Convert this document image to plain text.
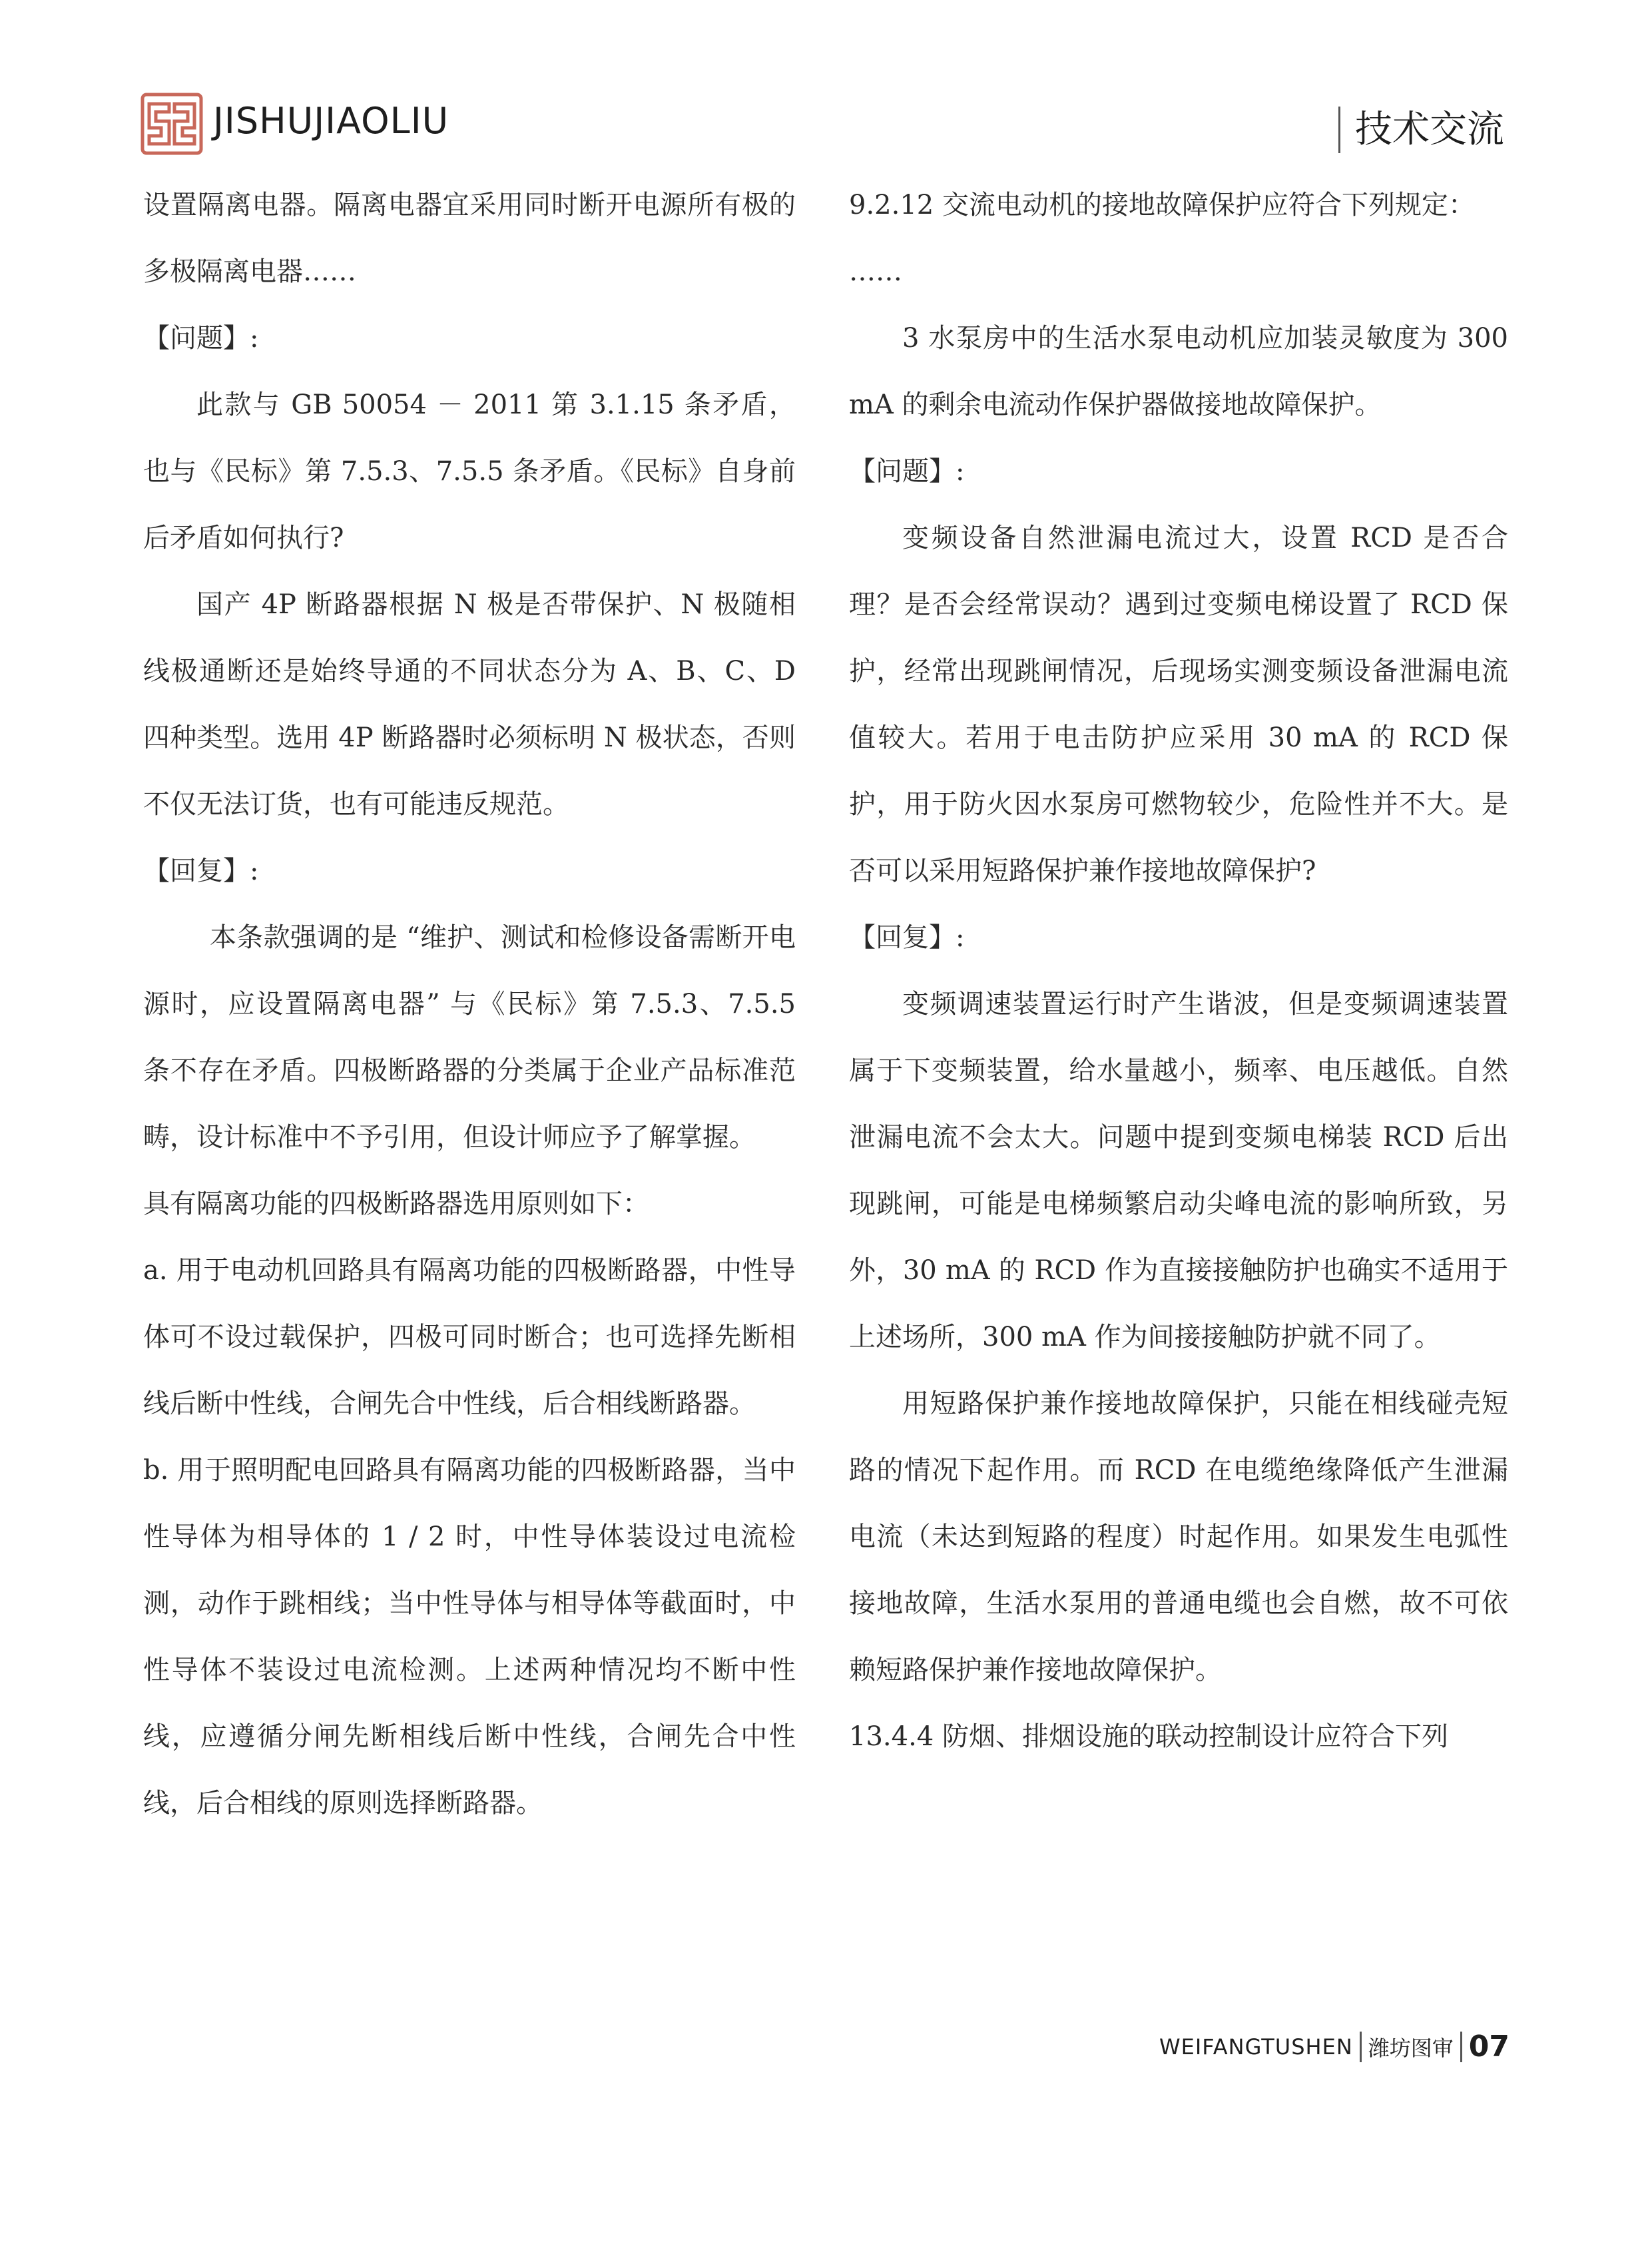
JISHUJIAOLIU	技术交流

设置隔离电器。隔离电器宜采用同时断开电源所有极的多极隔离电器……

【问题】:

此款与 GB 50054 － 2011 第 3.1.15 条矛盾，也与《民标》第 7.5.3、7.5.5 条矛盾。《民标》自身前后矛盾如何执行?

国产 4P 断路器根据 N 极是否带保护、N 极随相线极通断还是始终导通的不同状态分为 A、B、C、D 四种类型。选用 4P 断路器时必须标明 N 极状态，否则不仅无法订货，也有可能违反规范。

【回复】:

本条款强调的是 “维护、测试和检修设备需断开电源时，应设置隔离电器” 与《民标》第 7.5.3、7.5.5 条不存在矛盾。四极断路器的分类属于企业产品标准范畴，设计标准中不予引用，但设计师应予了解掌握。

具有隔离功能的四极断路器选用原则如下：

a. 用于电动机回路具有隔离功能的四极断路器，中性导体可不设过载保护，四极可同时断合；也可选择先断相线后断中性线，合闸先合中性线，后合相线断路器。

b. 用于照明配电回路具有隔离功能的四极断路器，当中性导体为相导体的 1 / 2 时，中性导体装设过电流检测，动作于跳相线；当中性导体与相导体等截面时，中性导体不装设过电流检测。上述两种情况均不断中性线，应遵循分闸先断相线后断中性线，合闸先合中性线，后合相线的原则选择断路器。

9.2.12 交流电动机的接地故障保护应符合下列规定：

……

3 水泵房中的生活水泵电动机应加装灵敏度为 300 mA 的剩余电流动作保护器做接地故障保护。

【问题】:

变频设备自然泄漏电流过大，设置 RCD 是否合理？是否会经常误动？遇到过变频电梯设置了 RCD 保护，经常出现跳闸情况，后现场实测变频设备泄漏电流值较大。若用于电击防护应采用 30 mA 的 RCD 保护，用于防火因水泵房可燃物较少，危险性并不大。是否可以采用短路保护兼作接地故障保护?

【回复】:

变频调速装置运行时产生谐波，但是变频调速装置属于下变频装置，给水量越小，频率、电压越低。自然泄漏电流不会太大。问题中提到变频电梯装 RCD 后出现跳闸，可能是电梯频繁启动尖峰电流的影响所致，另外，30 mA 的 RCD 作为直接接触防护也确实不适用于上述场所，300 mA 作为间接接触防护就不同了。

用短路保护兼作接地故障保护，只能在相线碰壳短路的情况下起作用。而 RCD 在电缆绝缘降低产生泄漏电流（未达到短路的程度）时起作用。如果发生电弧性接地故障，生活水泵用的普通电缆也会自燃，故不可依赖短路保护兼作接地故障保护。

13.4.4 防烟、排烟设施的联动控制设计应符合下列

WEIFANGTUSHEN 潍坊图审 07
